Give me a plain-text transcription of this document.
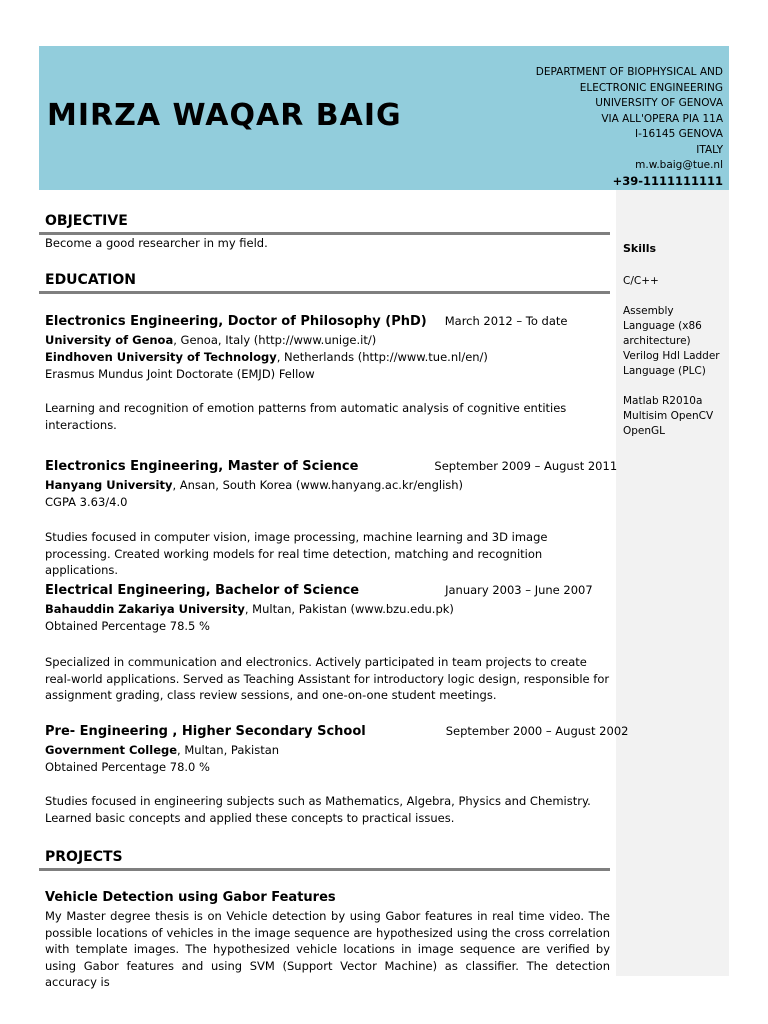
MIRZA WAQAR BAIG
DEPARTMENT OF BIOPHYSICAL AND
ELECTRONIC ENGINEERING
UNIVERSITY OF GENOVA
VIA ALL'OPERA PIA 11A
I-16145 GENOVA
ITALY
m.w.baig@tue.nl
+39-1111111111
Skills
C/C++
Assembly Language (x86 architecture)
Verilog Hdl Ladder Language (PLC)
Matlab R2010a Multisim OpenCV OpenGL
OBJECTIVE
Become a good researcher in my field.
EDUCATION
Electronics Engineering, Doctor of Philosophy (PhD) March 2012 – To date
University of Genoa, Genoa, Italy (http://www.unige.it/)
Eindhoven University of Technology, Netherlands (http://www.tue.nl/en/)
Erasmus Mundus Joint Doctorate (EMJD) Fellow
Learning and recognition of emotion patterns from automatic analysis of cognitive entities interactions.
Electronics Engineering, Master of Science	September 2009 – August 2011
Hanyang University, Ansan, South Korea (www.hanyang.ac.kr/english)
CGPA 3.63/4.0
Studies focused in computer vision, image processing, machine learning and 3D image processing. Created working models for real time detection, matching and recognition applications.
Electrical Engineering, Bachelor of Science	January 2003 – June 2007
Bahauddin Zakariya University, Multan, Pakistan (www.bzu.edu.pk)
Obtained Percentage 78.5 %
Specialized in communication and electronics. Actively participated in team projects to create real-world applications. Served as Teaching Assistant for introductory logic design, responsible for assignment grading, class review sessions, and one-on-one student meetings.
Pre- Engineering , Higher Secondary School	September 2000 – August 2002
Government College, Multan, Pakistan
Obtained Percentage 78.0 %
Studies focused in engineering subjects such as Mathematics, Algebra, Physics and Chemistry. Learned basic concepts and applied these concepts to practical issues.
PROJECTS
Vehicle Detection using Gabor Features
My Master degree thesis is on Vehicle detection by using Gabor features in real time video. The possible locations of vehicles in the image sequence are hypothesized using the cross correlation with template images. The hypothesized vehicle locations in image sequence are verified by using Gabor features and using SVM (Support Vector Machine) as classifier. The detection accuracy is
